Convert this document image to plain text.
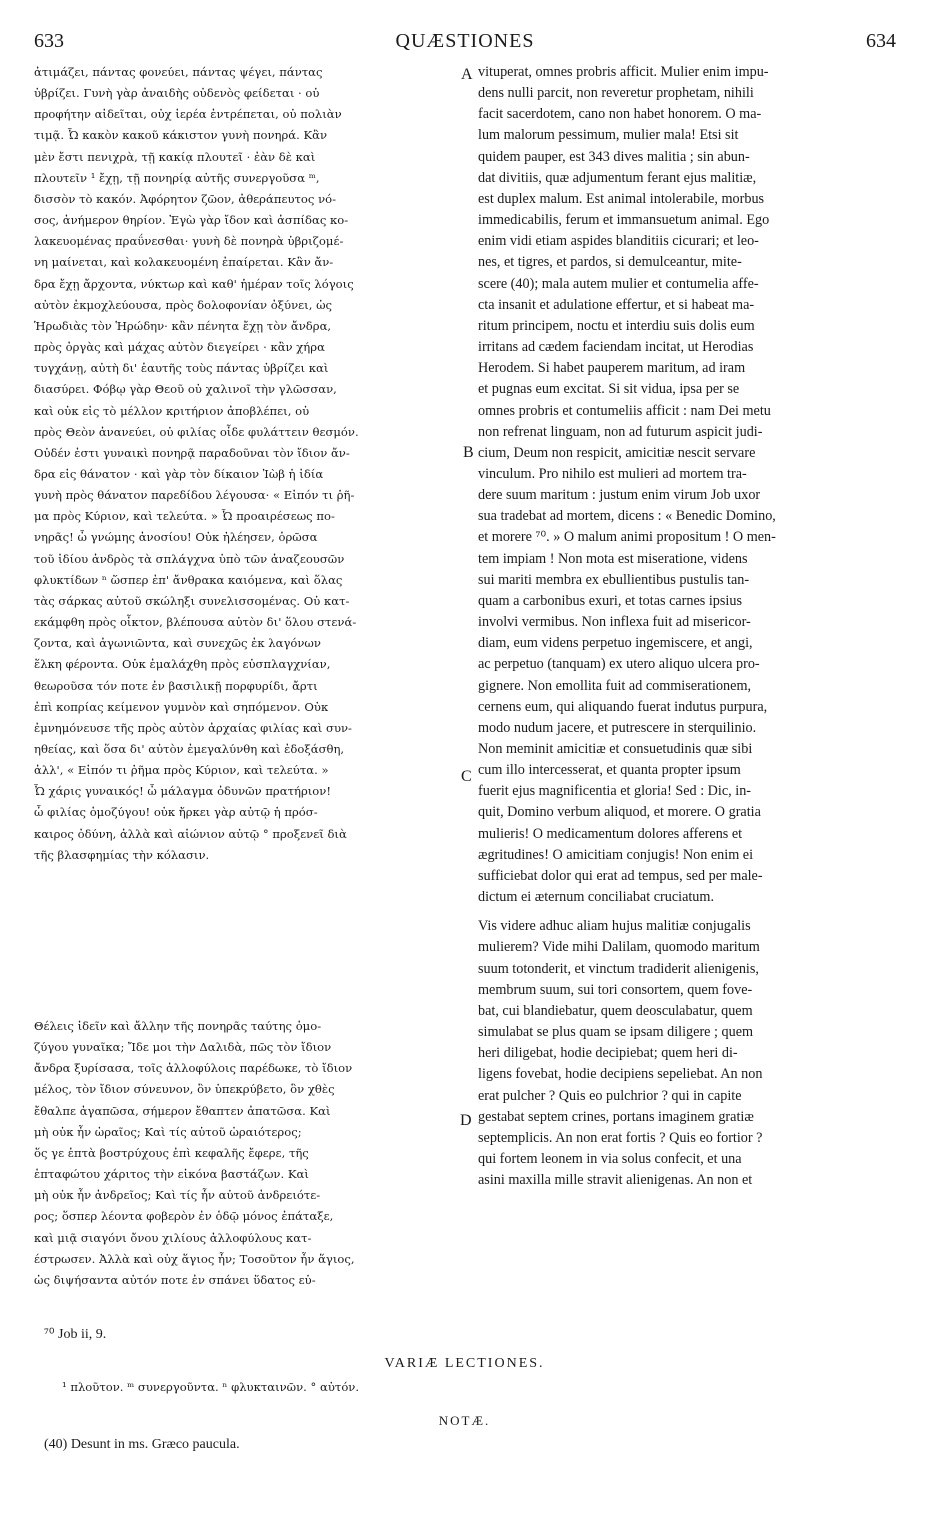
633	QUÆSTIONES	634
ἀτιμάζει, πάντας φονεύει, πάντας ψέγει, πάντας
ὑβρίζει. Γυνὴ γὰρ ἀναιδὴς οὐδενὸς φείδεται · οὐ
προφήτην αἰδεῖται, οὐχ ἱερέα ἐντρέπεται, οὐ πολιὰν
τιμᾷ. Ὦ κακὸν κακοῦ κάκιστον γυνὴ πονηρά. Κἂν
μὲν ἔστι πενιχρὰ, τῇ κακίᾳ πλουτεῖ · ἐὰν δὲ καὶ
πλουτεῖν ¹ ἔχῃ, τῇ πονηρίᾳ αὐτῆς συνεργοῦσα ᵐ,
δισσὸν τὸ κακόν. Ἀφόρητον ζῶον, ἀθεράπευτος νό-
σος, ἀνήμερον θηρίον. Ἐγὼ γὰρ ἴδον καὶ ἀσπίδας κο-
λακευομένας πραΰνεσθαι· γυνὴ δὲ πονηρὰ ὑβριζομέ-
νη μαίνεται, καὶ κολακευομένη ἐπαίρεται. Κἂν ἄν-
δρα ἔχῃ ἄρχοντα, νύκτωρ καὶ καθ' ἡμέραν τοῖς λόγοις
αὐτὸν ἐκμοχλεύουσα, πρὸς δολοφονίαν ὀξύνει, ὡς
Ἡρωδιὰς τὸν Ἡρώδην· κἂν πένητα ἔχῃ τὸν ἄνδρα,
πρὸς ὀργὰς καὶ μάχας αὐτὸν διεγείρει · κἂν χήρα
τυγχάνῃ, αὐτὴ δι' ἑαυτῆς τοὺς πάντας ὑβρίζει καὶ
διασύρει. Φόβῳ γὰρ Θεοῦ οὐ χαλινοῖ τὴν γλῶσσαν,
καὶ οὐκ εἰς τὸ μέλλον κριτήριον ἀποβλέπει, οὐ
πρὸς Θεὸν ἀνανεύει, οὐ φιλίας οἶδε φυλάττειν θεσμόν.
Οὐδέν ἐστι γυναικὶ πονηρᾷ παραδοῦναι τὸν ἴδιον ἄν-
δρα εἰς θάνατον · καὶ γὰρ τὸν δίκαιον Ἰὼβ ἡ ἰδία
γυνὴ πρὸς θάνατον παρεδίδου λέγουσα· « Εἰπόν τι ῥῆ-
μα πρὸς Κύριον, καὶ τελεύτα. » Ὦ προαιρέσεως πο-
νηρᾶς! ὦ γνώμης ἀνοσίου! Οὐκ ἠλέησεν, ὁρῶσα
τοῦ ἰδίου ἀνδρὸς τὰ σπλάγχνα ὑπὸ τῶν ἀναζεουσῶν
φλυκτίδων ⁿ ὥσπερ ἐπ' ἄνθρακα καιόμενα, καὶ ὅλας
τὰς σάρκας αὐτοῦ σκώληξι συνελισσομένας. Οὐ κατ-
εκάμφθη πρὸς οἶκτον, βλέπουσα αὐτὸν δι' ὅλου στενά-
ζοντα, καὶ ἀγωνιῶντα, καὶ συνεχῶς ἐκ λαγόνων
ἕλκη φέροντα. Οὐκ ἐμαλάχθη πρὸς εὐσπλαγχνίαν,
θεωροῦσα τόν ποτε ἐν βασιλικῇ πορφυρίδι, ἄρτι
ἐπὶ κοπρίας κείμενον γυμνὸν καὶ σηπόμενον. Οὐκ
ἐμνημόνευσε τῆς πρὸς αὐτὸν ἀρχαίας φιλίας καὶ συν-
ηθείας, καὶ ὅσα δι' αὐτὸν ἐμεγαλύνθη καὶ ἐδοξάσθη,
ἀλλ', « Εἰπόν τι ῥῆμα πρὸς Κύριον, καὶ τελεύτα. »
Ὦ χάρις γυναικός! ὦ μάλαγμα ὀδυνῶν πρατήριον!
ὦ φιλίας ὁμοζύγου! οὐκ ἤρκει γὰρ αὐτῷ ἡ πρόσ-
καιρος ὀδύνη, ἀλλὰ καὶ αἰώνιον αὐτῷ ° προξενεῖ διὰ
τῆς βλασφημίας τὴν κόλασιν.
Θέλεις ἰδεῖν καὶ ἄλλην τῆς πονηρᾶς ταύτης ὁμο-
ζύγου γυναῖκα; Ἴδε μοι τὴν Δαλιδὰ, πῶς τὸν ἴδιον
ἄνδρα ξυρίσασα, τοῖς ἀλλοφύλοις παρέδωκε, τὸ ἴδιον
μέλος, τὸν ἴδιον σύνευνον, ὃν ὑπεκρύβετο, ὃν χθὲς
ἔθαλπε ἀγαπῶσα, σήμερον ἔθαπτεν ἀπατῶσα. Καὶ
μὴ οὐκ ἦν ὡραῖος; Καὶ τίς αὐτοῦ ὡραιότερος;
ὅς γε ἑπτὰ βοστρύχους ἐπὶ κεφαλῆς ἔφερε, τῆς
ἑπταφώτου χάριτος τὴν εἰκόνα βαστάζων. Καὶ
μὴ οὐκ ἦν ἀνδρεῖος; Καὶ τίς ἦν αὐτοῦ ἀνδρειότε-
ρος; ὅσπερ λέοντα φοβερὸν ἐν ὁδῷ μόνος ἐπάταξε,
καὶ μιᾷ σιαγόνι ὄνου χιλίους ἀλλοφύλους κατ-
έστρωσεν. Ἀλλὰ καὶ οὐχ ἅγιος ἦν; Τοσοῦτον ἦν ἅγιος,
ὡς διψήσαντα αὐτόν ποτε ἐν σπάνει ὕδατος εὐ-
vituperat, omnes probris afficit. Mulier enim impu-
dens nulli parcit, non reveretur prophetam, nihili
facit sacerdotem, cano non habet honorem. O ma-
lum malorum pessimum, mulier mala! Etsi sit
quidem pauper, est 343 dives malitia ; sin abun-
dat divitiis, quæ adjumentum ferant ejus malitiæ,
est duplex malum. Est animal intolerabile, morbus
immedicabilis, ferum et immansuetum animal. Ego
enim vidi etiam aspides blanditiis cicurari; et leo-
nes, et tigres, et pardos, si demulceantur, mite-
scere (40); mala autem mulier et contumelia affe-
cta insanit et adulatione effertur, et si habeat ma-
ritum principem, noctu et interdiu suis dolis eum
irritans ad cædem faciendam incitat, ut Herodias
Herodem. Si habet pauperem maritum, ad iram
et pugnas eum excitat. Si sit vidua, ipsa per se
omnes probris et contumeliis afficit : nam Dei metu
non refrenat linguam, non ad futurum aspicit judi-
cium, Deum non respicit, amicitiæ nescit servare
vinculum. Pro nihilo est mulieri ad mortem tra-
dere suum maritum : justum enim virum Job uxor
sua tradebat ad mortem, dicens : « Benedic Domino,
et morere ⁷⁰. » O malum animi propositum ! O men-
tem impiam ! Non mota est miseratione, videns
sui mariti membra ex ebullientibus pustulis tan-
quam a carbonibus exuri, et totas carnes ipsius
involvi vermibus. Non inflexa fuit ad misericor-
diam, eum videns perpetuo ingemiscere, et angi,
ac perpetuo (tanquam) ex utero aliquo ulcera pro-
gignere. Non emollita fuit ad commiserationem,
cernens eum, qui aliquando fuerat indutus purpura,
modo nudum jacere, et putrescere in sterquilinio.
Non meminit amicitiæ et consuetudinis quæ sibi
cum illo intercesserat, et quanta propter ipsum
fuerit ejus magnificentia et gloria! Sed : Dic, in-
quit, Domino verbum aliquod, et morere. O gratia
mulieris! O medicamentum dolores afferens et
ægritudines! O amicitiam conjugis! Non enim ei
sufficiebat dolor qui erat ad tempus, sed per male-
dictum ei æternum conciliabat cruciatum.
Vis videre adhuc aliam hujus malitiæ conjugalis
mulierem? Vide mihi Dalilam, quomodo maritum
suum totonderit, et vinctum tradiderit alienigenis,
membrum suum, sui tori consortem, quem fove-
bat, cui blandiebatur, quem deosculabatur, quem
simulabat se plus quam se ipsam diligere ; quem
heri diligebat, hodie decipiebat; quem heri di-
ligens fovebat, hodie decipiens sepeliebat. An non
erat pulcher ? Quis eo pulchrior ? qui in capite
gestabat septem crines, portans imaginem gratiæ
septemplicis. An non erat fortis ? Quis eo fortior ?
qui fortem leonem in via solus confecit, et una
asini maxilla mille stravit alienigenas. An non et
A
B
C
D
⁷⁰ Job ii, 9.
VARIÆ LECTIONES.
¹ πλοῦτον. ᵐ συνεργοῦντα. ⁿ φλυκταινῶν. ° αὐτόν.
NOTÆ.
(40) Desunt in ms. Græco paucula.
